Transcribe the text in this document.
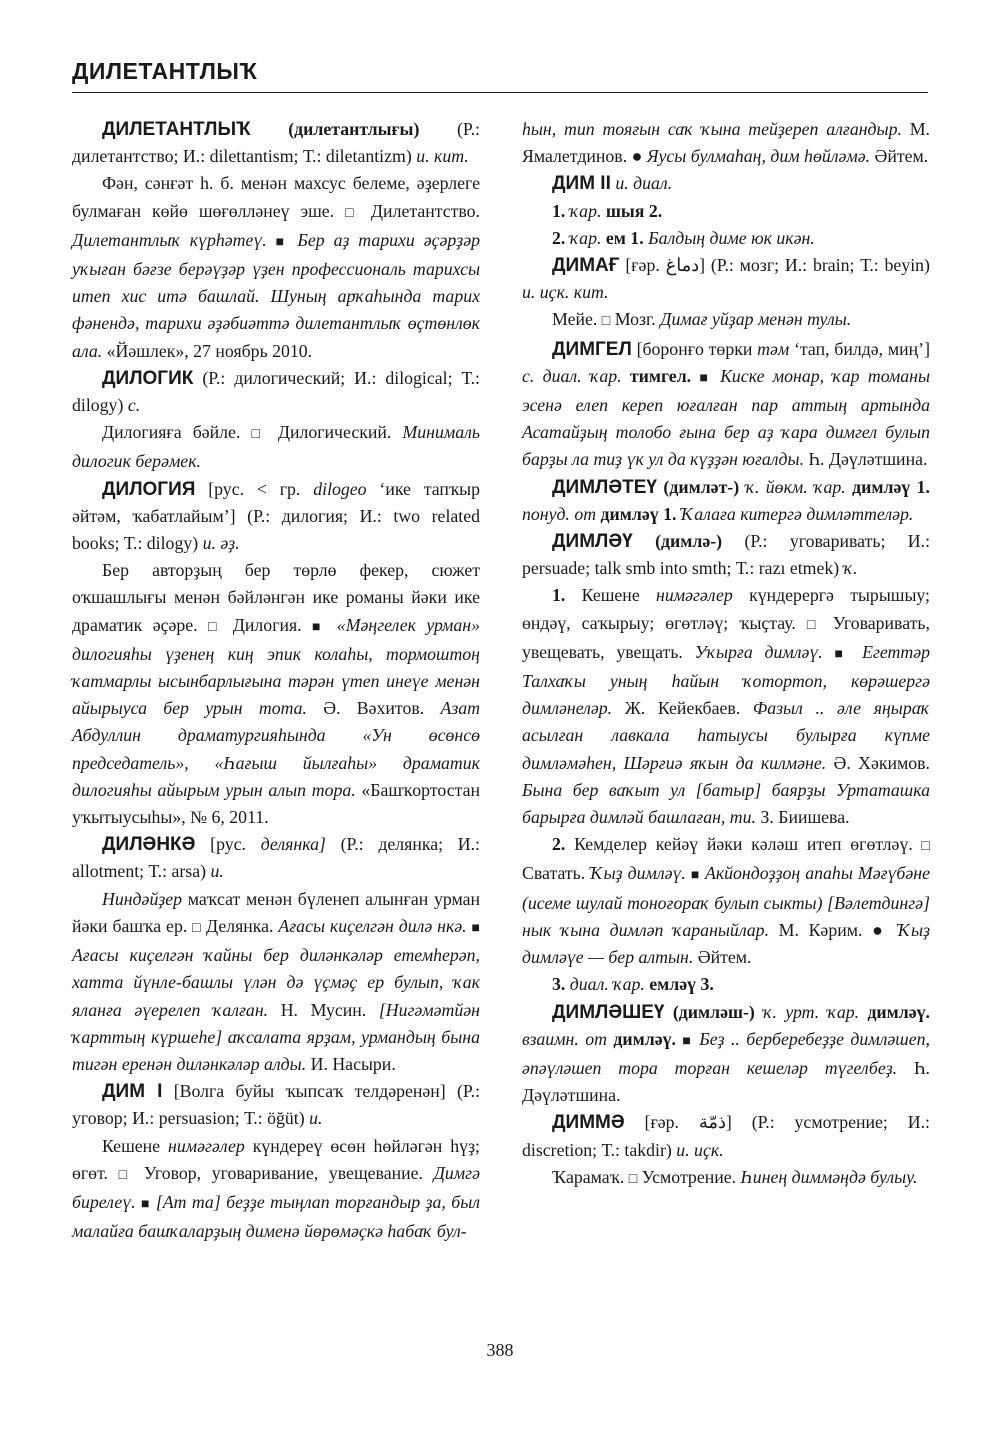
ДИЛЕТАНТЛЫҠ

ДИЛЕТАНТЛЫҠ (дилетантлығы) (Р.: дилетантство; И.: dilettantism; Т.: diletantizm) и. кит.

Фән, сәнғәт һ. б. менән махсус белеме, әҙерлеге булмаған көйө шөғөлләнеү эше. □ Дилетантство. Дилетантлыҡ күрһәтеү. ■ Бер аҙ тарихи әҫәрҙәр уҡыған бәғзе берәүҙәр үҙен профессиональ тарихсы итеп хис итә башлай. Шуның арҡаһында тарих фәнендә, тарихи әҙәбиәттә дилетантлыҡ өҫтөнлөк ала. «Йәшлек», 27 ноябрь 2010.

ДИЛОГИК (Р.: дилогический; И.: dilogical; Т.: dilogy) с.

Дилогияға бәйле. □ Дилогический. Минималь дилогик берәмек.

ДИЛОГИЯ [рус. < гр. dilogeo ‘ике тапҡыр әйтәм, ҡабатлайым’] (Р.: дилогия; И.: two related books; Т.: dilogy) и. әҙ.

Бер авторҙың бер төрлө фекер, сюжет оҡшашлығы менән бәйләнгән ике романы йәки ике драматик әҫәре. □ Дилогия. ■ «Мәңгелек урман» дилогияһы үҙенең киң эпик колаһы, тормоштоң ҡатмарлы ысынбарлығына тәрән үтеп инеүе менән айырыуса бер урын тота. Ә. Вәхитов. Азат Абдуллин драматургияһында «Ун өсөнсө председатель», «Һағыш йылғаһы» драматик дилогияһы айырым урын алып тора. «Башҡортостан уҡытыусыһы», № 6, 2011.

ДИЛӘНКӘ [рус. делянка] (Р.: делянка; И.: allotment; Т.: arsa) и.

Ниндәйҙер маҡсат менән бүленеп алынған урман йәки башҡа ер. □ Делянка. Ағасы киҫелгән дилә нкә. ■ Ағасы киҫелгән ҡайны бер диләнкәләр етемһерәп, хатта йүнле-башлы үлән дә үҫмәҫ ер булып, ҡак яланға әүерелеп ҡалған. Н. Мусин. [Нигәмәтйән ҡарттың күршеһе] аҡсалата ярҙам, урмандың бына тигән еренән диләнкәләр алды. И. Насыри.

ДИМ I [Волга буйы ҡыпсаҡ телдәренән] (Р.: уговор; И.: persuasion; Т.: öğüt) и.

Кешене нимәгәлер күндереү өсөн һөйләгән һүҙ; өгөт. □ Уговор, уговаривание, увещевание. Димгә бирелеү. ■ [Ат та] беҙҙе тыңлап торғандыр ҙа, был малайға башҡаларҙың дименә йөрөмәҫкә һабаҡ бул-

һын, тип тояғын саҡ ҡына тейҙереп алғандыр. М. Ямалетдинов. ● Яусы булмаһаң, дим һөйләмә. Әйтем.

ДИМ II и. диал.

1. ҡар. шыя 2.

2. ҡар. ем 1. Балдың диме юк икән.

ДИМАҒ [ғәр. دماغ] (Р.: мозг; И.: brain; Т.: beyin) и. иҫк. кит.

Мейе. □ Мозг. Димағ уйҙар менән тулы.

ДИМГЕЛ [боронғо төрки тәм ‘тап, билдә, миң’] с. диал. ҡар. тимгел. ■ Киске монар, ҡар томаны эсенә елеп кереп юғалған пар аттың артында Асатайҙың толобо ғына бер аҙ ҡара димгел булып барҙы ла тиҙ үк ул да күҙҙән юғалды. Һ. Дәүләтшина.

ДИМЛӘТЕҮ (димләт-) ҡ. йөкм. ҡар. димләү 1. понуд. от димләү 1. Ҡалаға китергә димләттеләр.

ДИМЛӘҮ (димлә-) (Р.: уговаривать; И.: persuade; talk smb into smth; Т.: razı etmek) ҡ.

1. Кешене нимәгәлер күндерергә тырышыу; өндәү, саҡырыу; өгөтләү; ҡыҫтау. □ Уговаривать, увещевать, увещать. Уҡырға димләү. ■ Егеттәр Талхаҡы уның һайын ҡотортоп, көрәшергә димләнеләр. Ж. Кейекбаев. Фазыл .. әле яңыраҡ асылған лавкала һатыусы булырға күпме димләмәһен, Шәрғиә яҡын да килмәне. Ә. Хәкимов. Бына бер ваҡыт ул [батыр] баярҙы Уртаташка барырға димләй башлаған, ти. З. Биишева.

2. Кемделер кейәү йәки кәләш итеп өгөтләү. □ Сватать. Ҡыҙ димләү. ■ Акйондоҙҙоң апаһы Мәғүбәне (исеме шулай тоноғораҡ булып сыкты) [Вәлетдингә] нык ҡына димләп ҡараныйлар. М. Кәрим. ● Ҡыҙ димләүе — бер алтын. Әйтем.

3. диал. ҡар. емләү 3.

ДИМЛӘШЕҮ (димләш-) ҡ. урт. ҡар. димләү. взаимн. от димләү. ■ Беҙ .. берберебеҙҙе димләшеп, әпәүләшеп тора торған кешеләр түгелбеҙ. Һ. Дәүләтшина.

ДИММӘ [ғәр. ذمّة] (Р.: усмотрение; И.: discretion; Т.: takdir) и. иҫк.

Ҡарамаҡ. □ Усмотрение. Һинең диммәңдә булыу.

388
